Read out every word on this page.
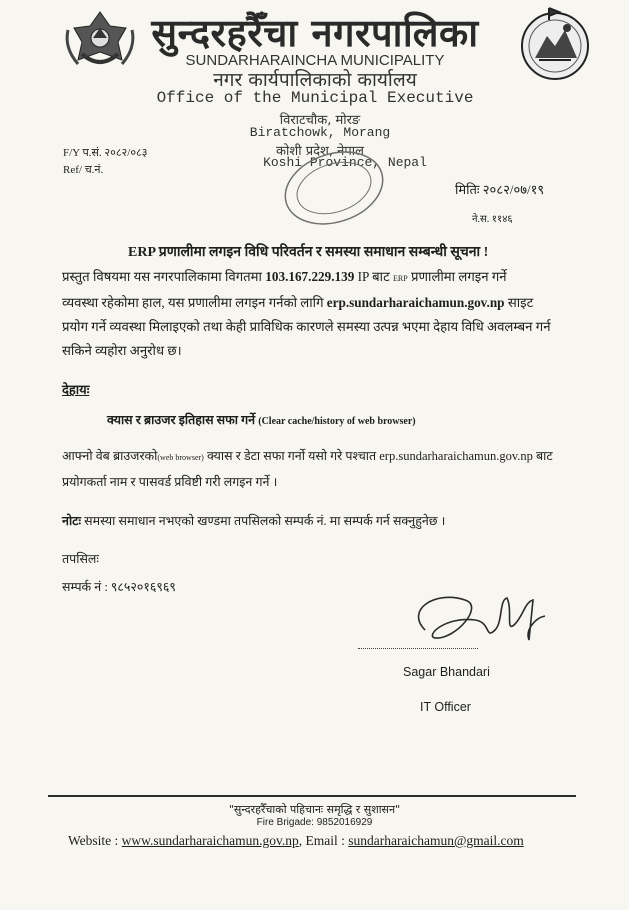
सुन्दरहरैँचा नगरपालिका
SUNDARHARAINCHA MUNICIPALITY
नगर कार्यपालिकाको कार्यालय
Office of the Municipal Executive
विराटचौक, मोरङ
Biratchowk, Morang
कोशी प्रदेश, नेपाल
Koshi Province, Nepal
F/Y प.सं. २०८२/०८३
Ref/ च.नं.
मितिः २०८२/०७/१९
ने.स. ११४६
ERP प्रणालीमा लगइन विधि परिवर्तन र समस्या समाधान सम्बन्धी सूचना !
प्रस्तुत विषयमा यस नगरपालिकामा विगतमा 103.167.229.139 IP बाट ERP प्रणालीमा लगइन गर्ने
व्यवस्था रहेकोमा हाल, यस प्रणालीमा लगइन गर्नको लागि erp.sundarharaichamun.gov.np साइट
प्रयोग गर्ने व्यवस्था मिलाइएको तथा केही प्राविधिक कारणले समस्या उत्पन्न भएमा देहाय विधि अवलम्बन गर्न
सकिने व्यहोरा अनुरोध छ।
देहायः
क्यास र ब्राउजर इतिहास सफा गर्ने (Clear cache/history of web browser)
आफ्नो वेब ब्राउजरको(web browser) क्यास र डेटा सफा गर्नो यसो गरे पश्चात erp.sundarharaichamun.gov.np बाट
प्रयोगकर्ता नाम र पासवर्ड प्रविष्टी गरी लगइन गर्ने ।
नोटः समस्या समाधान नभएको खण्डमा तपसिलको सम्पर्क नं. मा सम्पर्क गर्न सक्नुहुनेछ ।
तपसिलः
सम्पर्क नं : ९८५२०१६९६९
Sagar Bhandari
IT Officer
"सुन्दरहरैँचाको पहिचानः समृद्धि र सुशासन"
Fire Brigade: 9852016929
Website : www.sundarharaichamun.gov.np, Email : sundarharaichamun@gmail.com
